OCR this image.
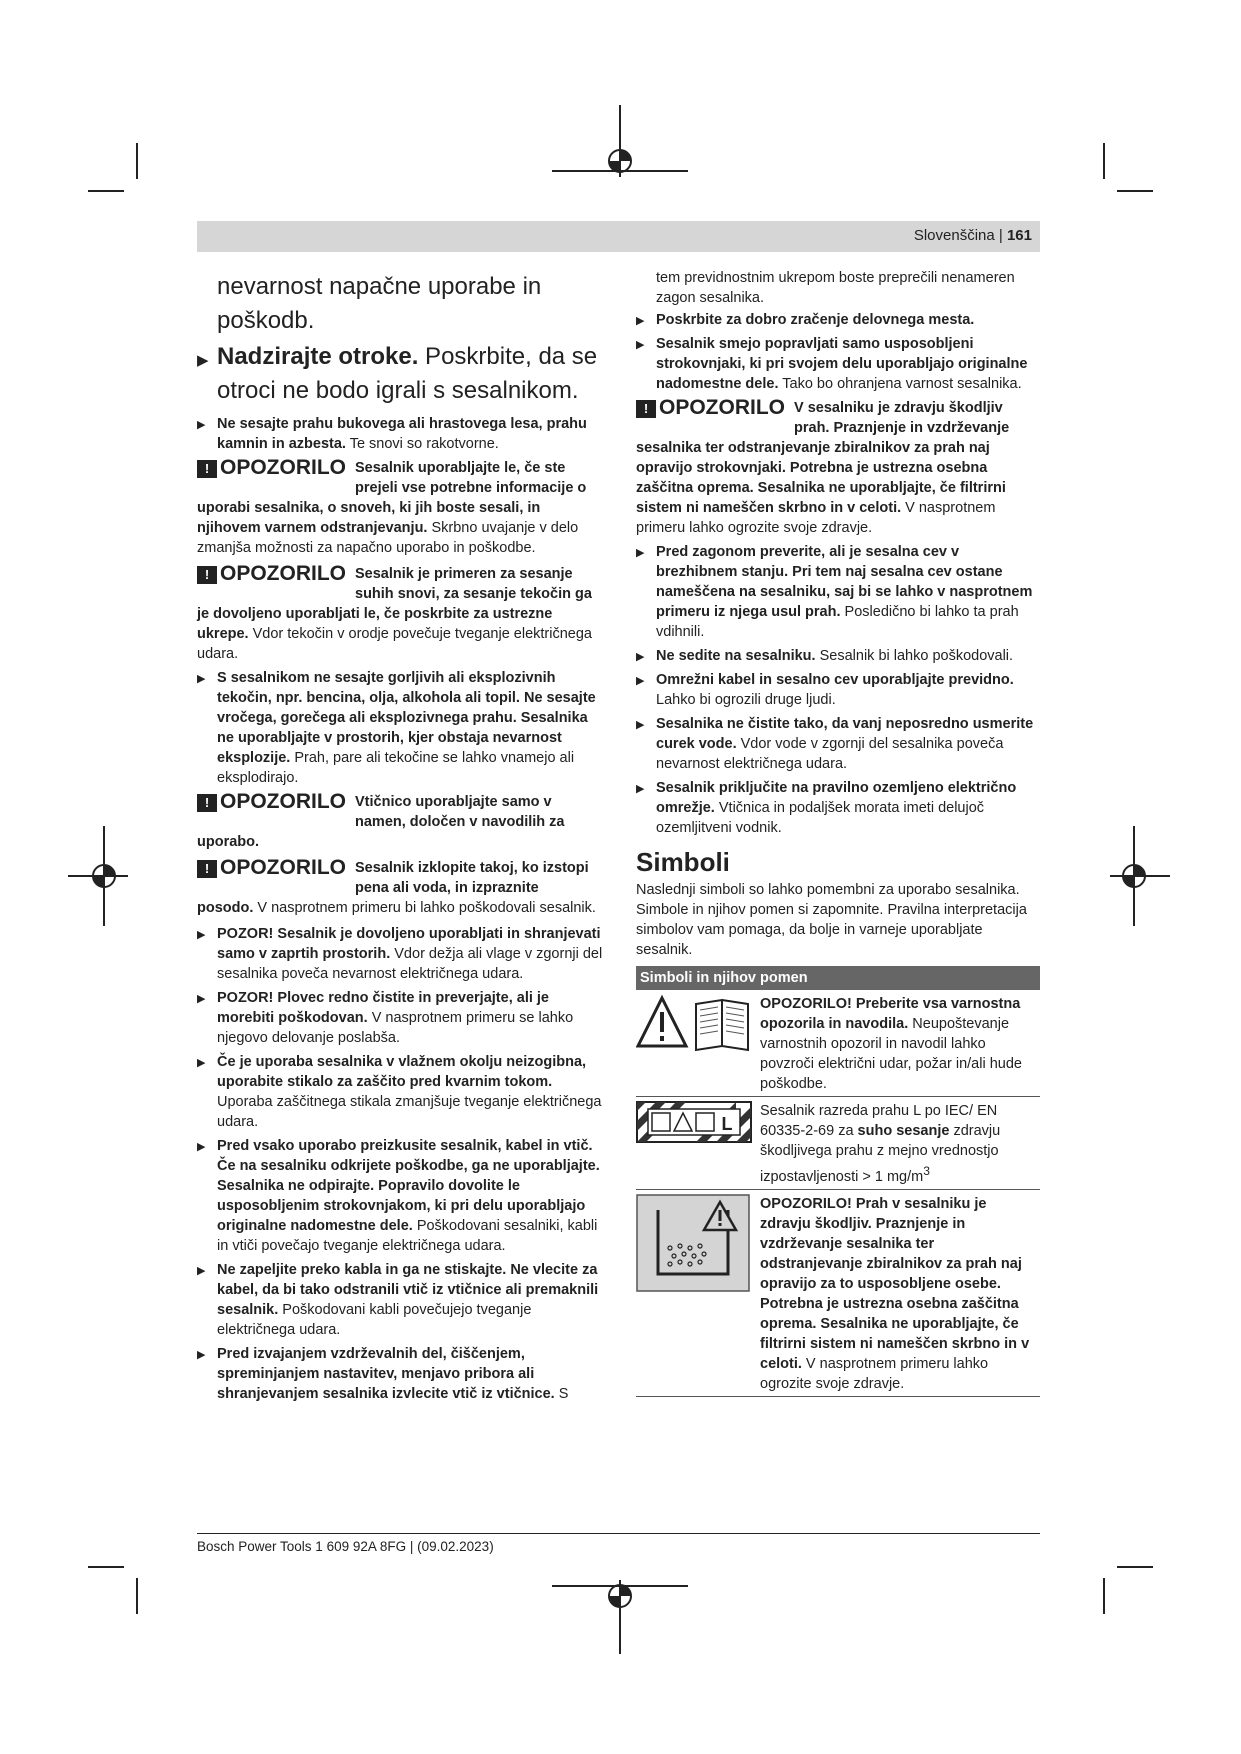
Slovenščina | 161

nevarnost napačne uporabe in poškodb.

▶ Nadzirajte otroke. Poskrbite, da se otroci ne bodo igrali s sesalnikom.
▶ Ne sesajte prahu bukovega ali hrastovega lesa, prahu kamnin in azbesta. Te snovi so rakotvorne.
! OPOZORILO Sesalnik uporabljajte le, če ste prejeli vse potrebne informacije o
uporabi sesalnika, o snoveh, ki jih boste sesali, in njihovem varnem odstranjevanju. Skrbno uvajanje v delo zmanjša možnosti za napačno uporabo in poškodbe.
! OPOZORILO Sesalnik je primeren za sesanje suhih snovi, za sesanje tekočin ga
je dovoljeno uporabljati le, če poskrbite za ustrezne ukrepe. Vdor tekočin v orodje povečuje tveganje električnega udara.
▶ S sesalnikom ne sesajte gorljivih ali eksplozivnih tekočin, npr. bencina, olja, alkohola ali topil. Ne sesajte vročega, gorečega ali eksplozivnega prahu. Sesalnika ne uporabljajte v prostorih, kjer obstaja nevarnost eksplozije. Prah, pare ali tekočine se lahko vnamejo ali eksplodirajo.
! OPOZORILO Vtičnico uporabljajte samo v namen, določen v navodilih za
uporabo.
! OPOZORILO Sesalnik izklopite takoj, ko izstopi pena ali voda, in izpraznite
posodo. V nasprotnem primeru bi lahko poškodovali sesalnik.
▶ POZOR! Sesalnik je dovoljeno uporabljati in shranjevati samo v zaprtih prostorih. Vdor dežja ali vlage v zgornji del sesalnika poveča nevarnost električnega udara.
▶ POZOR! Plovec redno čistite in preverjajte, ali je morebiti poškodovan. V nasprotnem primeru se lahko njegovo delovanje poslabša.
▶ Če je uporaba sesalnika v vlažnem okolju neizogibna, uporabite stikalo za zaščito pred kvarnim tokom. Uporaba zaščitnega stikala zmanjšuje tveganje električnega udara.
▶ Pred vsako uporabo preizkusite sesalnik, kabel in vtič. Če na sesalniku odkrijete poškodbe, ga ne uporabljajte. Sesalnika ne odpirajte. Popravilo dovolite le usposobljenim strokovnjakom, ki pri delu uporabljajo originalne nadomestne dele. Poškodovani sesalniki, kabli in vtiči povečajo tveganje električnega udara.
▶ Ne zapeljite preko kabla in ga ne stiskajte. Ne vlecite za kabel, da bi tako odstranili vtič iz vtičnice ali premaknili sesalnik. Poškodovani kabli povečujejo tveganje električnega udara.
▶ Pred izvajanjem vzdrževalnih del, čiščenjem, spreminjanjem nastavitev, menjavo pribora ali shranjevanjem sesalnika izvlecite vtič iz vtičnice. S

tem previdnostnim ukrepom boste preprečili nenameren zagon sesalnika.

▶ Poskrbite za dobro zračenje delovnega mesta.
▶ Sesalnik smejo popravljati samo usposobljeni strokovnjaki, ki pri svojem delu uporabljajo originalne nadomestne dele. Tako bo ohranjena varnost sesalnika.
! OPOZORILO V sesalniku je zdravju škodljiv prah. Praznjenje in vzdrževanje
sesalnika ter odstranjevanje zbiralnikov za prah naj opravijo strokovnjaki. Potrebna je ustrezna osebna zaščitna oprema. Sesalnika ne uporabljajte, če filtrirni sistem ni nameščen skrbno in v celoti. V nasprotnem primeru lahko ogrozite svoje zdravje.
▶ Pred zagonom preverite, ali je sesalna cev v brezhibnem stanju. Pri tem naj sesalna cev ostane nameščena na sesalniku, saj bi se lahko v nasprotnem primeru iz njega usul prah. Posledično bi lahko ta prah vdihnili.
▶ Ne sedite na sesalniku. Sesalnik bi lahko poškodovali.
▶ Omrežni kabel in sesalno cev uporabljajte previdno. Lahko bi ogrozili druge ljudi.
▶ Sesalnika ne čistite tako, da vanj neposredno usmerite curek vode. Vdor vode v zgornji del sesalnika poveča nevarnost električnega udara.
▶ Sesalnik priključite na pravilno ozemljeno električno omrežje. Vtičnica in podaljšek morata imeti delujoč ozemljitveni vodnik.
Simboli

Naslednji simboli so lahko pomembni za uporabo sesalnika. Simbole in njihov pomen si zapomnite. Pravilna interpretacija simbolov vam pomaga, da bolje in varneje uporabljate sesalnik.

Simboli in njihov pomen
OPOZORILO! Preberite vsa varnostna opozorila in navodila. Neupoštevanje varnostnih opozoril in navodil lahko povzroči električni udar, požar in/ali hude poškodbe.
L
Sesalnik razreda prahu L po IEC/ EN 60335-2-69 za suho sesanje zdravju škodljivega prahu z mejno vrednostjo izpostavljenosti > 1 $mg/m^3$
OPOZORILO! Prah v sesalniku je zdravju škodljiv. Praznjenje in vzdrževanje sesalnika ter odstranjevanje zbiralnikov za prah naj opravijo za to usposobljene osebe. Potrebna je ustrezna osebna zaščitna oprema. Sesalnika ne uporabljajte, če filtrirni sistem ni nameščen skrbno in v celoti. V nasprotnem primeru lahko ogrozite svoje zdravje.
Bosch Power Tools 1 609 92A 8FG | (09.02.2023)
